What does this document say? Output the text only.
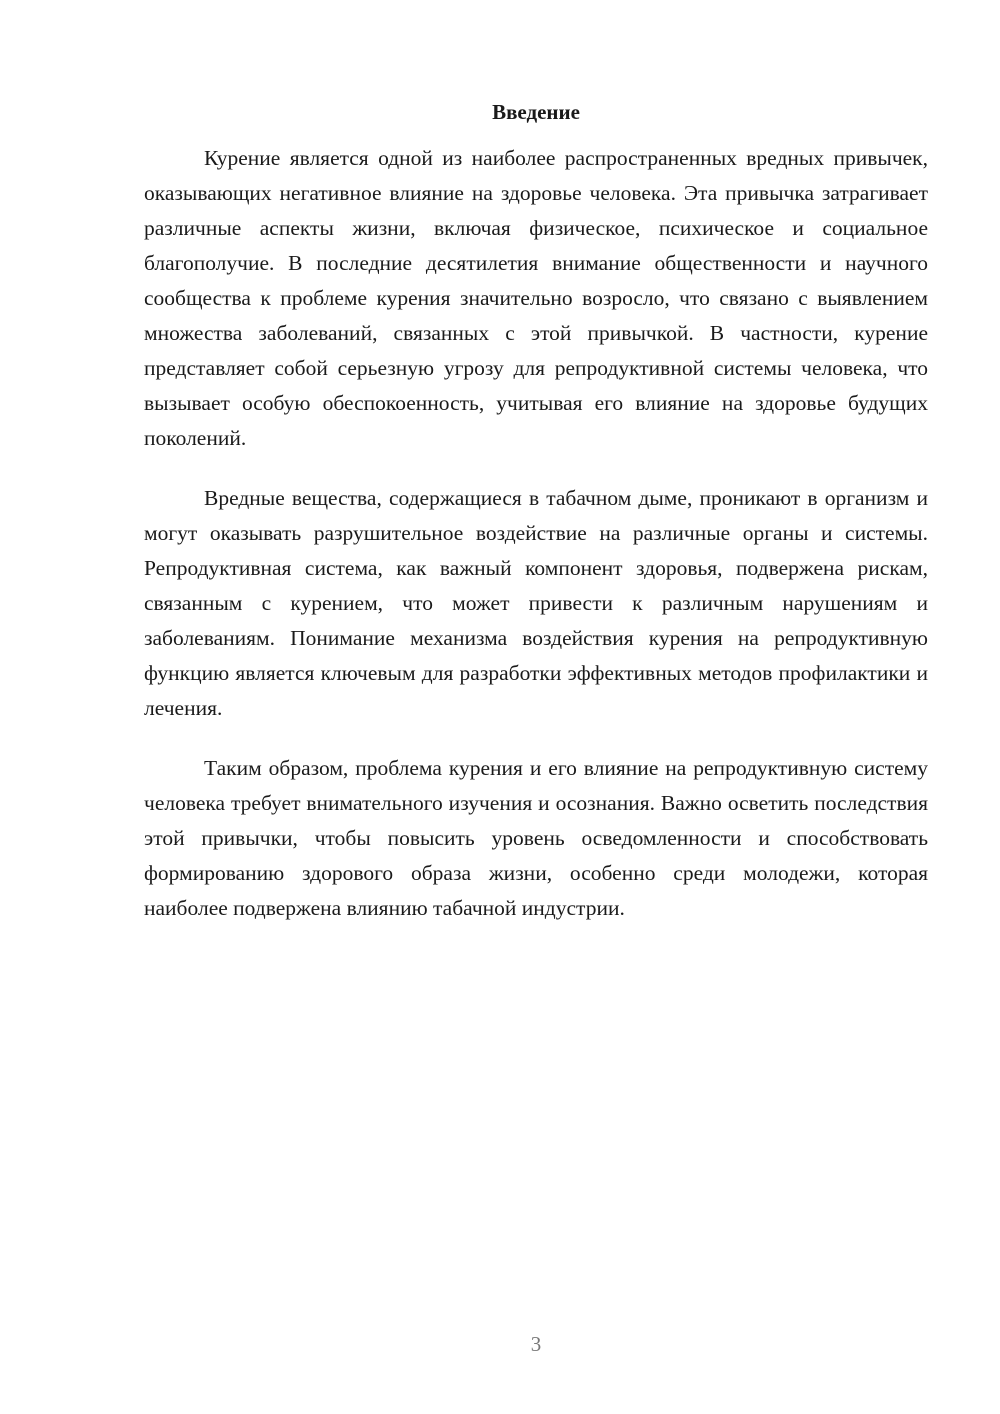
Введение

Курение является одной из наиболее распространенных вредных привычек, оказывающих негативное влияние на здоровье человека. Эта привычка затрагивает различные аспекты жизни, включая физическое, психическое и социальное благополучие. В последние десятилетия внимание общественности и научного сообщества к проблеме курения значительно возросло, что связано с выявлением множества заболеваний, связанных с этой привычкой. В частности, курение представляет собой серьезную угрозу для репродуктивной системы человека, что вызывает особую обеспокоенность, учитывая его влияние на здоровье будущих поколений.

Вредные вещества, содержащиеся в табачном дыме, проникают в организм и могут оказывать разрушительное воздействие на различные органы и системы. Репродуктивная система, как важный компонент здоровья, подвержена рискам, связанным с курением, что может привести к различным нарушениям и заболеваниям. Понимание механизма воздействия курения на репродуктивную функцию является ключевым для разработки эффективных методов профилактики и лечения.

Таким образом, проблема курения и его влияние на репродуктивную систему человека требует внимательного изучения и осознания. Важно осветить последствия этой привычки, чтобы повысить уровень осведомленности и способствовать формированию здорового образа жизни, особенно среди молодежи, которая наиболее подвержена влиянию табачной индустрии.

3
